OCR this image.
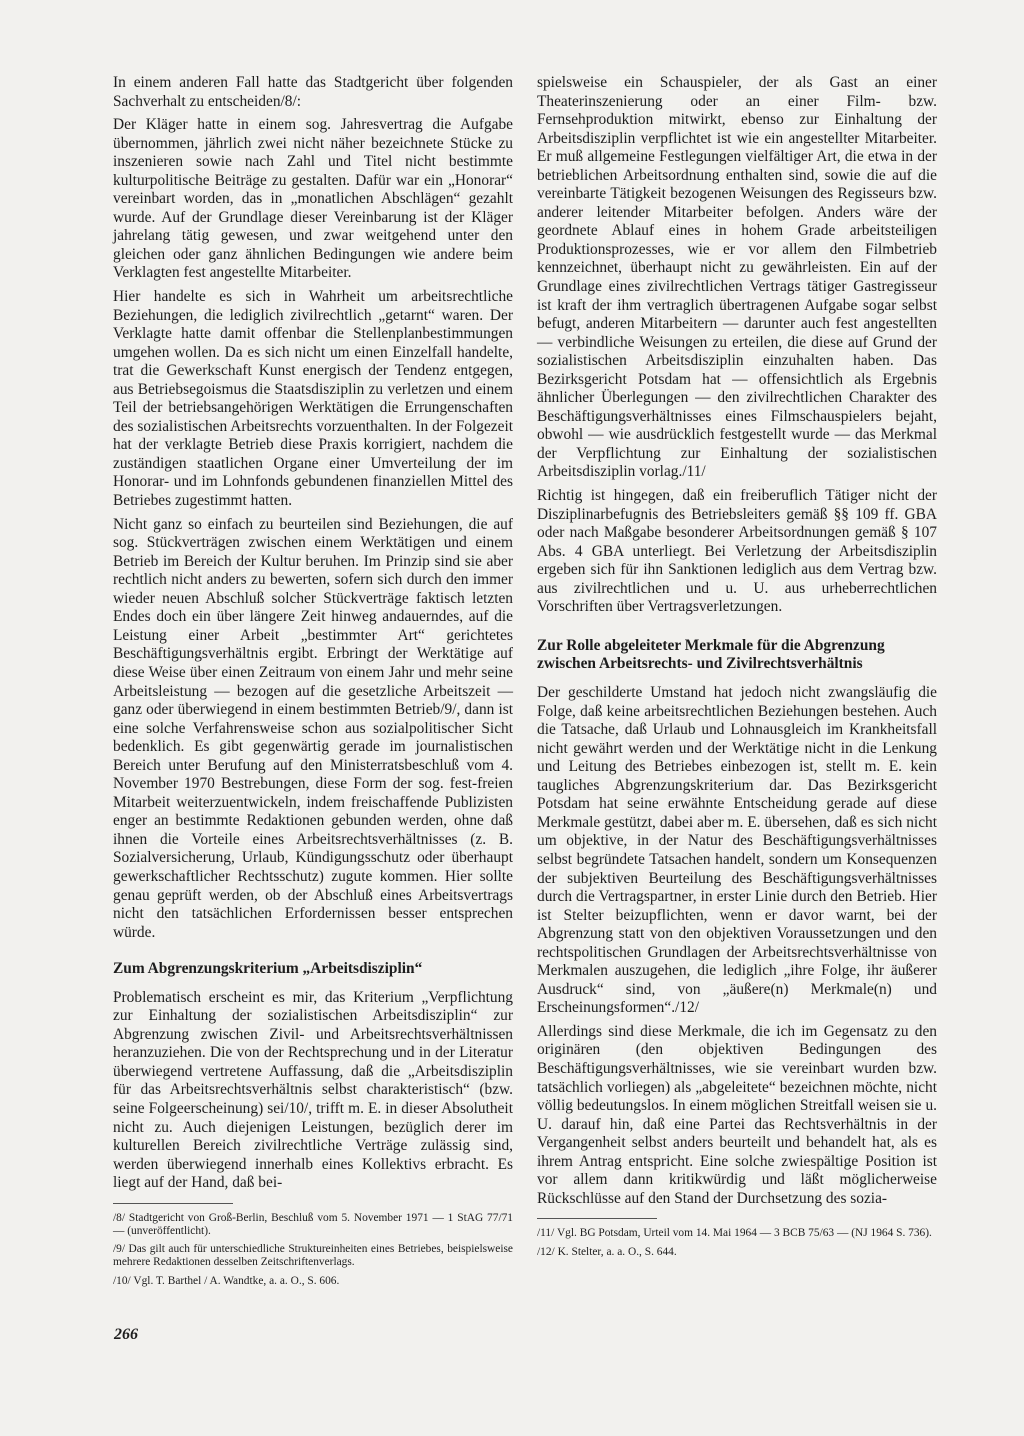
In einem anderen Fall hatte das Stadtgericht über folgenden Sachverhalt zu entscheiden/8/:

Der Kläger hatte in einem sog. Jahresvertrag die Aufgabe übernommen, jährlich zwei nicht näher bezeichnete Stücke zu inszenieren sowie nach Zahl und Titel nicht bestimmte kulturpolitische Beiträge zu gestalten. Dafür war ein „Honorar“ vereinbart worden, das in „monatlichen Abschlägen“ gezahlt wurde. Auf der Grundlage dieser Vereinbarung ist der Kläger jahrelang tätig gewesen, und zwar weitgehend unter den gleichen oder ganz ähnlichen Bedingungen wie andere beim Verklagten fest angestellte Mitarbeiter.

Hier handelte es sich in Wahrheit um arbeitsrechtliche Beziehungen, die lediglich zivilrechtlich „getarnt“ waren. Der Verklagte hatte damit offenbar die Stellenplanbestimmungen umgehen wollen. Da es sich nicht um einen Einzelfall handelte, trat die Gewerkschaft Kunst energisch der Tendenz entgegen, aus Betriebsegoismus die Staatsdisziplin zu verletzen und einem Teil der betriebsangehörigen Werktätigen die Errungenschaften des sozialistischen Arbeitsrechts vorzuenthalten. In der Folgezeit hat der verklagte Betrieb diese Praxis korrigiert, nachdem die zuständigen staatlichen Organe einer Umverteilung der im Honorar- und im Lohnfonds gebundenen finanziellen Mittel des Betriebes zugestimmt hatten.

Nicht ganz so einfach zu beurteilen sind Beziehungen, die auf sog. Stückverträgen zwischen einem Werktätigen und einem Betrieb im Bereich der Kultur beruhen. Im Prinzip sind sie aber rechtlich nicht anders zu bewerten, sofern sich durch den immer wieder neuen Abschluß solcher Stückverträge faktisch letzten Endes doch ein über längere Zeit hinweg andauerndes, auf die Leistung einer Arbeit „bestimmter Art“ gerichtetes Beschäftigungsverhältnis ergibt. Erbringt der Werktätige auf diese Weise über einen Zeitraum von einem Jahr und mehr seine Arbeitsleistung — bezogen auf die gesetzliche Arbeitszeit — ganz oder überwiegend in einem bestimmten Betrieb/9/, dann ist eine solche Verfahrensweise schon aus sozialpolitischer Sicht bedenklich. Es gibt gegenwärtig gerade im journalistischen Bereich unter Berufung auf den Ministerratsbeschluß vom 4. November 1970 Bestrebungen, diese Form der sog. fest-freien Mitarbeit weiterzuentwickeln, indem freischaffende Publizisten enger an bestimmte Redaktionen gebunden werden, ohne daß ihnen die Vorteile eines Arbeitsrechtsverhältnisses (z. B. Sozialversicherung, Urlaub, Kündigungsschutz oder überhaupt gewerkschaftlicher Rechtsschutz) zugute kommen. Hier sollte genau geprüft werden, ob der Abschluß eines Arbeitsvertrags nicht den tatsächlichen Erfordernissen besser entsprechen würde.

Zum Abgrenzungskriterium „Arbeitsdisziplin“

Problematisch erscheint es mir, das Kriterium „Verpflichtung zur Einhaltung der sozialistischen Arbeitsdisziplin“ zur Abgrenzung zwischen Zivil- und Arbeitsrechtsverhältnissen heranzuziehen. Die von der Rechtsprechung und in der Literatur überwiegend vertretene Auffassung, daß die „Arbeitsdisziplin für das Arbeitsrechtsverhältnis selbst charakteristisch“ (bzw. seine Folgeerscheinung) sei/10/, trifft m. E. in dieser Absolutheit nicht zu. Auch diejenigen Leistungen, bezüglich derer im kulturellen Bereich zivilrechtliche Verträge zulässig sind, werden überwiegend innerhalb eines Kollektivs erbracht. Es liegt auf der Hand, daß bei-

/8/ Stadtgericht von Groß-Berlin, Beschluß vom 5. November 1971 — 1 StAG 77/71 — (unveröffentlicht).

/9/ Das gilt auch für unterschiedliche Struktureinheiten eines Betriebes, beispielsweise mehrere Redaktionen desselben Zeitschriftenverlags.

/10/ Vgl. T. Barthel / A. Wandtke, a. a. O., S. 606.

spielsweise ein Schauspieler, der als Gast an einer Theaterinszenierung oder an einer Film- bzw. Fernsehproduktion mitwirkt, ebenso zur Einhaltung der Arbeitsdisziplin verpflichtet ist wie ein angestellter Mitarbeiter. Er muß allgemeine Festlegungen vielfältiger Art, die etwa in der betrieblichen Arbeitsordnung enthalten sind, sowie die auf die vereinbarte Tätigkeit bezogenen Weisungen des Regisseurs bzw. anderer leitender Mitarbeiter befolgen. Anders wäre der geordnete Ablauf eines in hohem Grade arbeitsteiligen Produktionsprozesses, wie er vor allem den Filmbetrieb kennzeichnet, überhaupt nicht zu gewährleisten. Ein auf der Grundlage eines zivilrechtlichen Vertrags tätiger Gastregisseur ist kraft der ihm vertraglich übertragenen Aufgabe sogar selbst befugt, anderen Mitarbeitern — darunter auch fest angestellten — verbindliche Weisungen zu erteilen, die diese auf Grund der sozialistischen Arbeitsdisziplin einzuhalten haben. Das Bezirksgericht Potsdam hat — offensichtlich als Ergebnis ähnlicher Überlegungen — den zivilrechtlichen Charakter des Beschäftigungsverhältnisses eines Filmschauspielers bejaht, obwohl — wie ausdrücklich festgestellt wurde — das Merkmal der Verpflichtung zur Einhaltung der sozialistischen Arbeitsdisziplin vorlag./11/

Richtig ist hingegen, daß ein freiberuflich Tätiger nicht der Disziplinarbefugnis des Betriebsleiters gemäß §§ 109 ff. GBA oder nach Maßgabe besonderer Arbeitsordnungen gemäß § 107 Abs. 4 GBA unterliegt. Bei Verletzung der Arbeitsdisziplin ergeben sich für ihn Sanktionen lediglich aus dem Vertrag bzw. aus zivilrechtlichen und u. U. aus urheberrechtlichen Vorschriften über Vertragsverletzungen.

Zur Rolle abgeleiteter Merkmale für die Abgrenzung zwischen Arbeitsrechts- und Zivilrechtsverhältnis

Der geschilderte Umstand hat jedoch nicht zwangsläufig die Folge, daß keine arbeitsrechtlichen Beziehungen bestehen. Auch die Tatsache, daß Urlaub und Lohnausgleich im Krankheitsfall nicht gewährt werden und der Werktätige nicht in die Lenkung und Leitung des Betriebes einbezogen ist, stellt m. E. kein taugliches Abgrenzungskriterium dar. Das Bezirksgericht Potsdam hat seine erwähnte Entscheidung gerade auf diese Merkmale gestützt, dabei aber m. E. übersehen, daß es sich nicht um objektive, in der Natur des Beschäftigungsverhältnisses selbst begründete Tatsachen handelt, sondern um Konsequenzen der subjektiven Beurteilung des Beschäftigungsverhältnisses durch die Vertragspartner, in erster Linie durch den Betrieb. Hier ist Stelter beizupflichten, wenn er davor warnt, bei der Abgrenzung statt von den objektiven Voraussetzungen und den rechtspolitischen Grundlagen der Arbeitsrechtsverhältnisse von Merkmalen auszugehen, die lediglich „ihre Folge, ihr äußerer Ausdruck“ sind, von „äußere(n) Merkmale(n) und Erscheinungsformen“./12/

Allerdings sind diese Merkmale, die ich im Gegensatz zu den originären (den objektiven Bedingungen des Beschäftigungsverhältnisses, wie sie vereinbart wurden bzw. tatsächlich vorliegen) als „abgeleitete“ bezeichnen möchte, nicht völlig bedeutungslos. In einem möglichen Streitfall weisen sie u. U. darauf hin, daß eine Partei das Rechtsverhältnis in der Vergangenheit selbst anders beurteilt und behandelt hat, als es ihrem Antrag entspricht. Eine solche zwiespältige Position ist vor allem dann kritikwürdig und läßt möglicherweise Rückschlüsse auf den Stand der Durchsetzung des sozia-

/11/ Vgl. BG Potsdam, Urteil vom 14. Mai 1964 — 3 BCB 75/63 — (NJ 1964 S. 736).

/12/ K. Stelter, a. a. O., S. 644.

266
